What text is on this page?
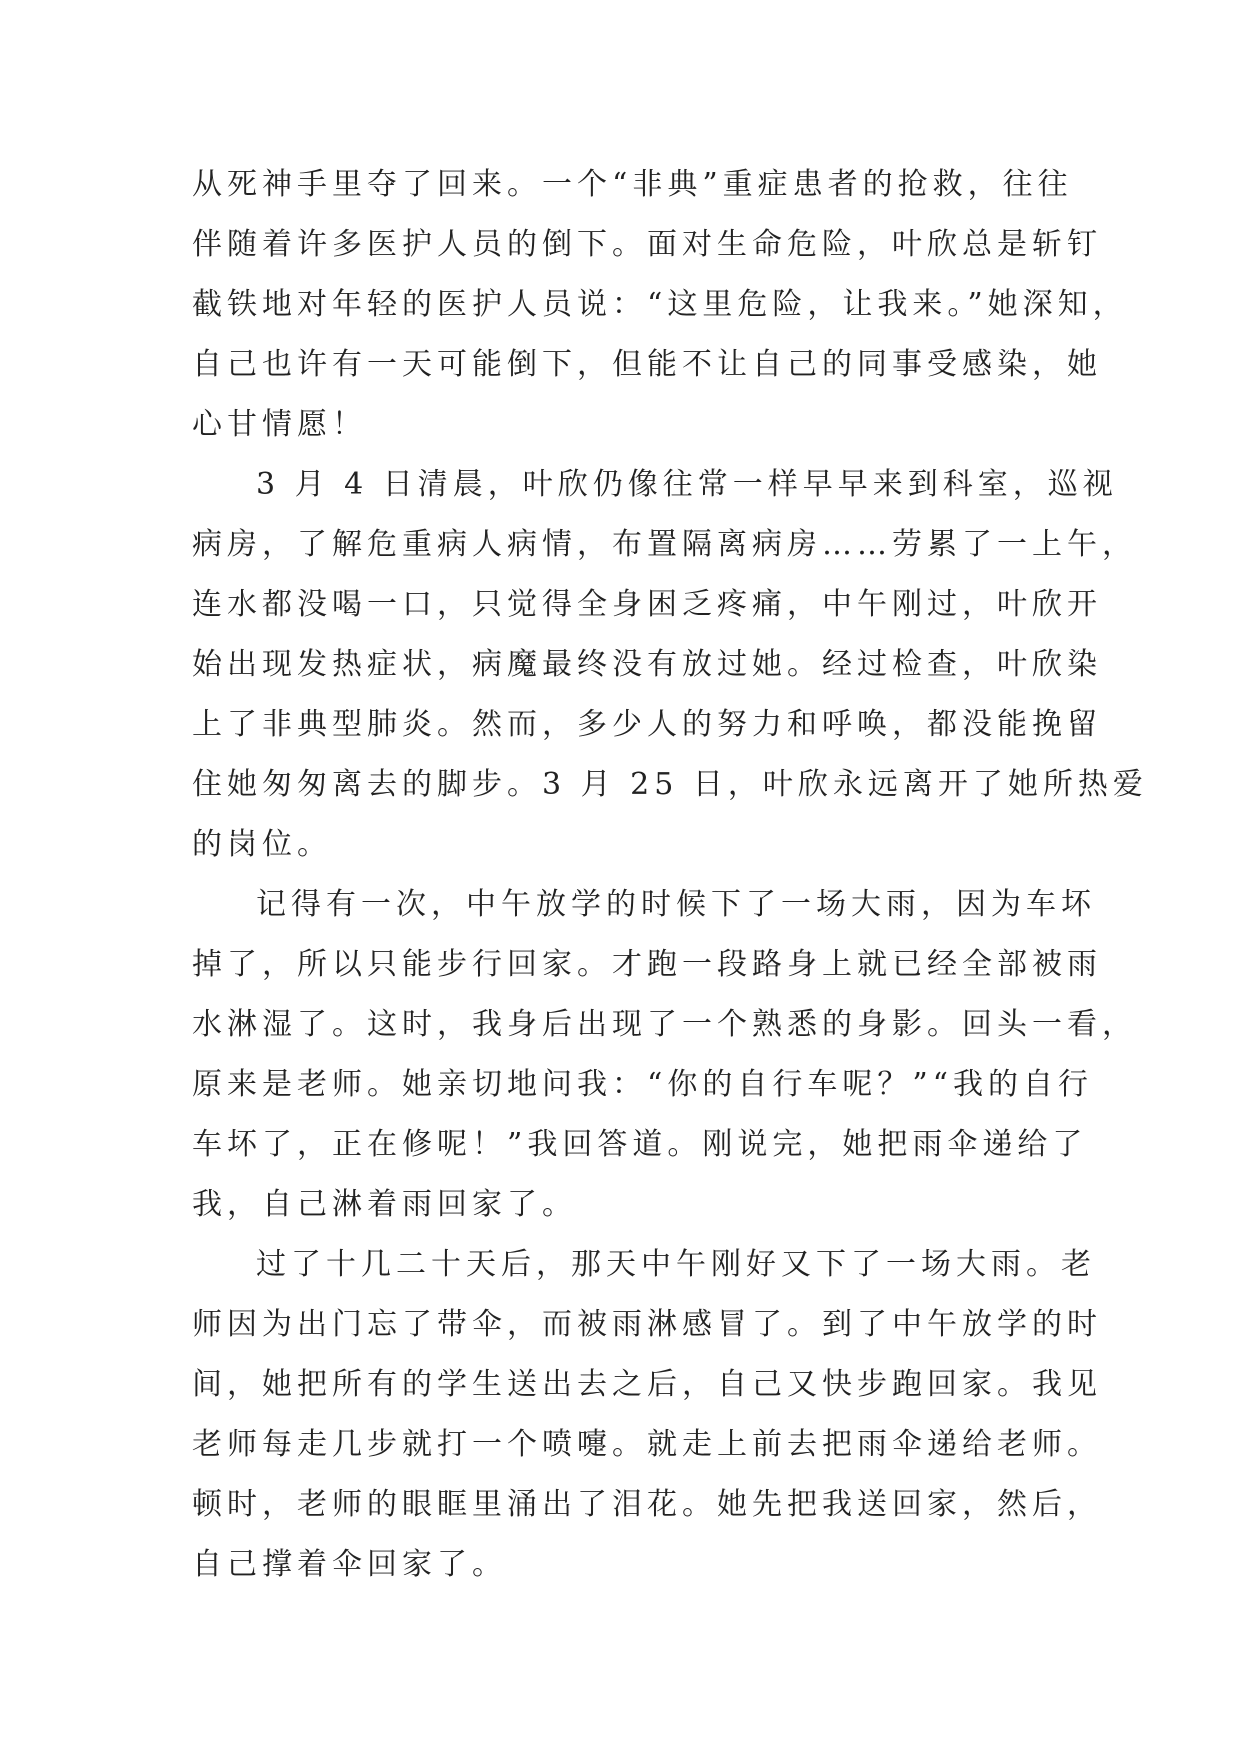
从死神手里夺了回来。一个“非典”重症患者的抢救，往往
伴随着许多医护人员的倒下。面对生命危险，叶欣总是斩钉
截铁地对年轻的医护人员说：“这里危险，让我来。”她深知，
自己也许有一天可能倒下，但能不让自己的同事受感染，她
心甘情愿！
3 月 4 日清晨，叶欣仍像往常一样早早来到科室，巡视
病房，了解危重病人病情，布置隔离病房……劳累了一上午，
连水都没喝一口，只觉得全身困乏疼痛，中午刚过，叶欣开
始出现发热症状，病魔最终没有放过她。经过检查，叶欣染
上了非典型肺炎。然而，多少人的努力和呼唤，都没能挽留
住她匆匆离去的脚步。3 月 25 日，叶欣永远离开了她所热爱
的岗位。
记得有一次，中午放学的时候下了一场大雨，因为车坏
掉了，所以只能步行回家。才跑一段路身上就已经全部被雨
水淋湿了。这时，我身后出现了一个熟悉的身影。回头一看，
原来是老师。她亲切地问我：“你的自行车呢？”“我的自行
车坏了，正在修呢！”我回答道。刚说完，她把雨伞递给了
我，自己淋着雨回家了。
过了十几二十天后，那天中午刚好又下了一场大雨。老
师因为出门忘了带伞，而被雨淋感冒了。到了中午放学的时
间，她把所有的学生送出去之后，自己又快步跑回家。我见
老师每走几步就打一个喷嚏。就走上前去把雨伞递给老师。
顿时，老师的眼眶里涌出了泪花。她先把我送回家，然后，
自己撑着伞回家了。
